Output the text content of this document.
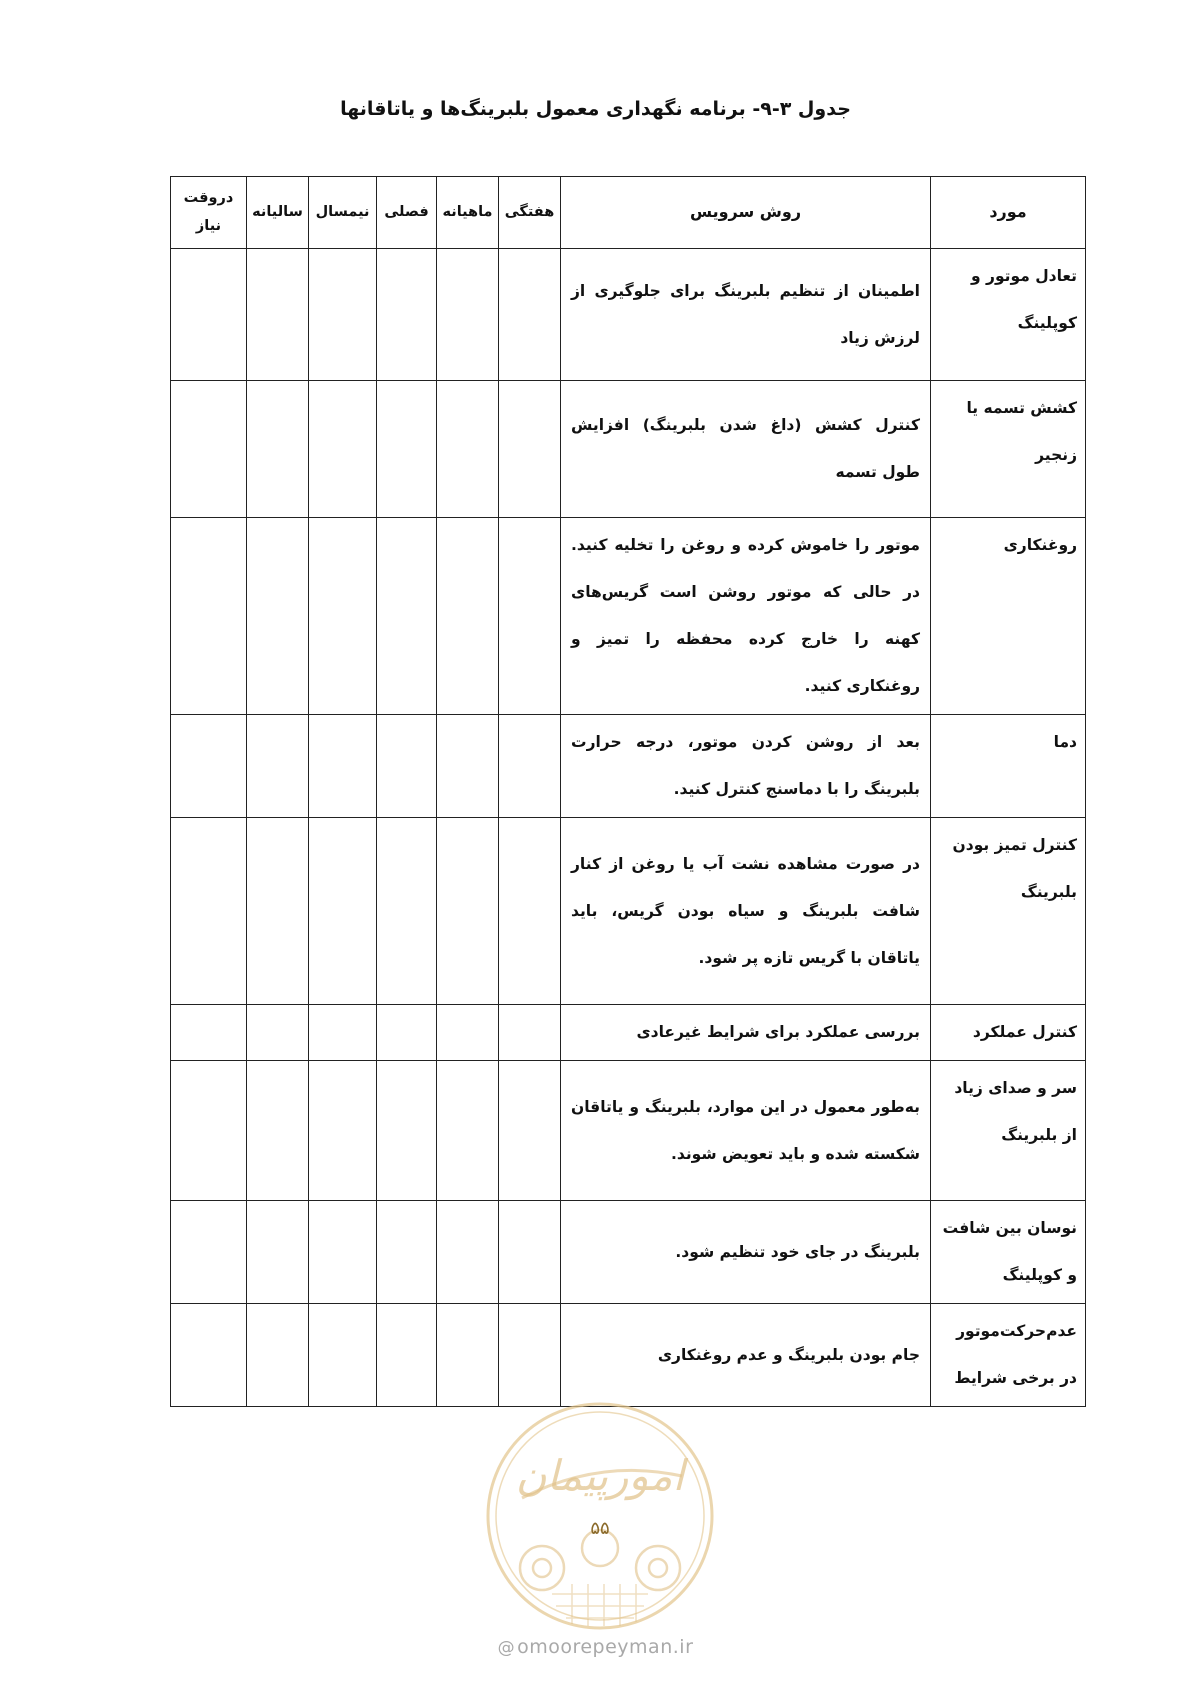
جدول ۳-۹- برنامه نگهداری معمول بلبرینگ‌ها و یاتاقانها
مورد	روش سرویس	هفتگی	ماهیانه	فصلی	نیمسال	سالیانه	دروقت نیاز
تعادل موتور و کوپلینگ	اطمینان از تنظیم بلبرینگ برای جلوگیری از لرزش زیاد						
کشش تسمه یا زنجیر	کنترل کشش (داغ شدن بلبرینگ) افزایش طول تسمه						
روغنکاری	موتور را خاموش کرده و روغن را تخلیه کنید. در حالی که موتور روشن است گریس‌های کهنه را خارج کرده محفظه را تمیز و روغنکاری کنید.						
دما	بعد از روشن کردن موتور، درجه حرارت بلبرینگ را با دماسنج کنترل کنید.						
کنترل تمیز بودن بلبرینگ	در صورت مشاهده نشت آب یا روغن از کنار شافت بلبرینگ و سیاه بودن گریس، باید یاتاقان با گریس تازه پر شود.						
کنترل عملکرد	بررسی عملکرد برای شرایط غیرعادی						
سر و صدای زیاد از بلبرینگ	به‌طور معمول در این موارد، بلبرینگ و یاتاقان شکسته شده و باید تعویض شوند.						
نوسان بین شافت و کوپلینگ	بلبرینگ در جای خود تنظیم شود.						
عدم‌حرکت‌موتور در برخی شرایط	جام بودن بلبرینگ و عدم روغنکاری						
امورپیمان
۵۵
@ omoorepeyman.ir
